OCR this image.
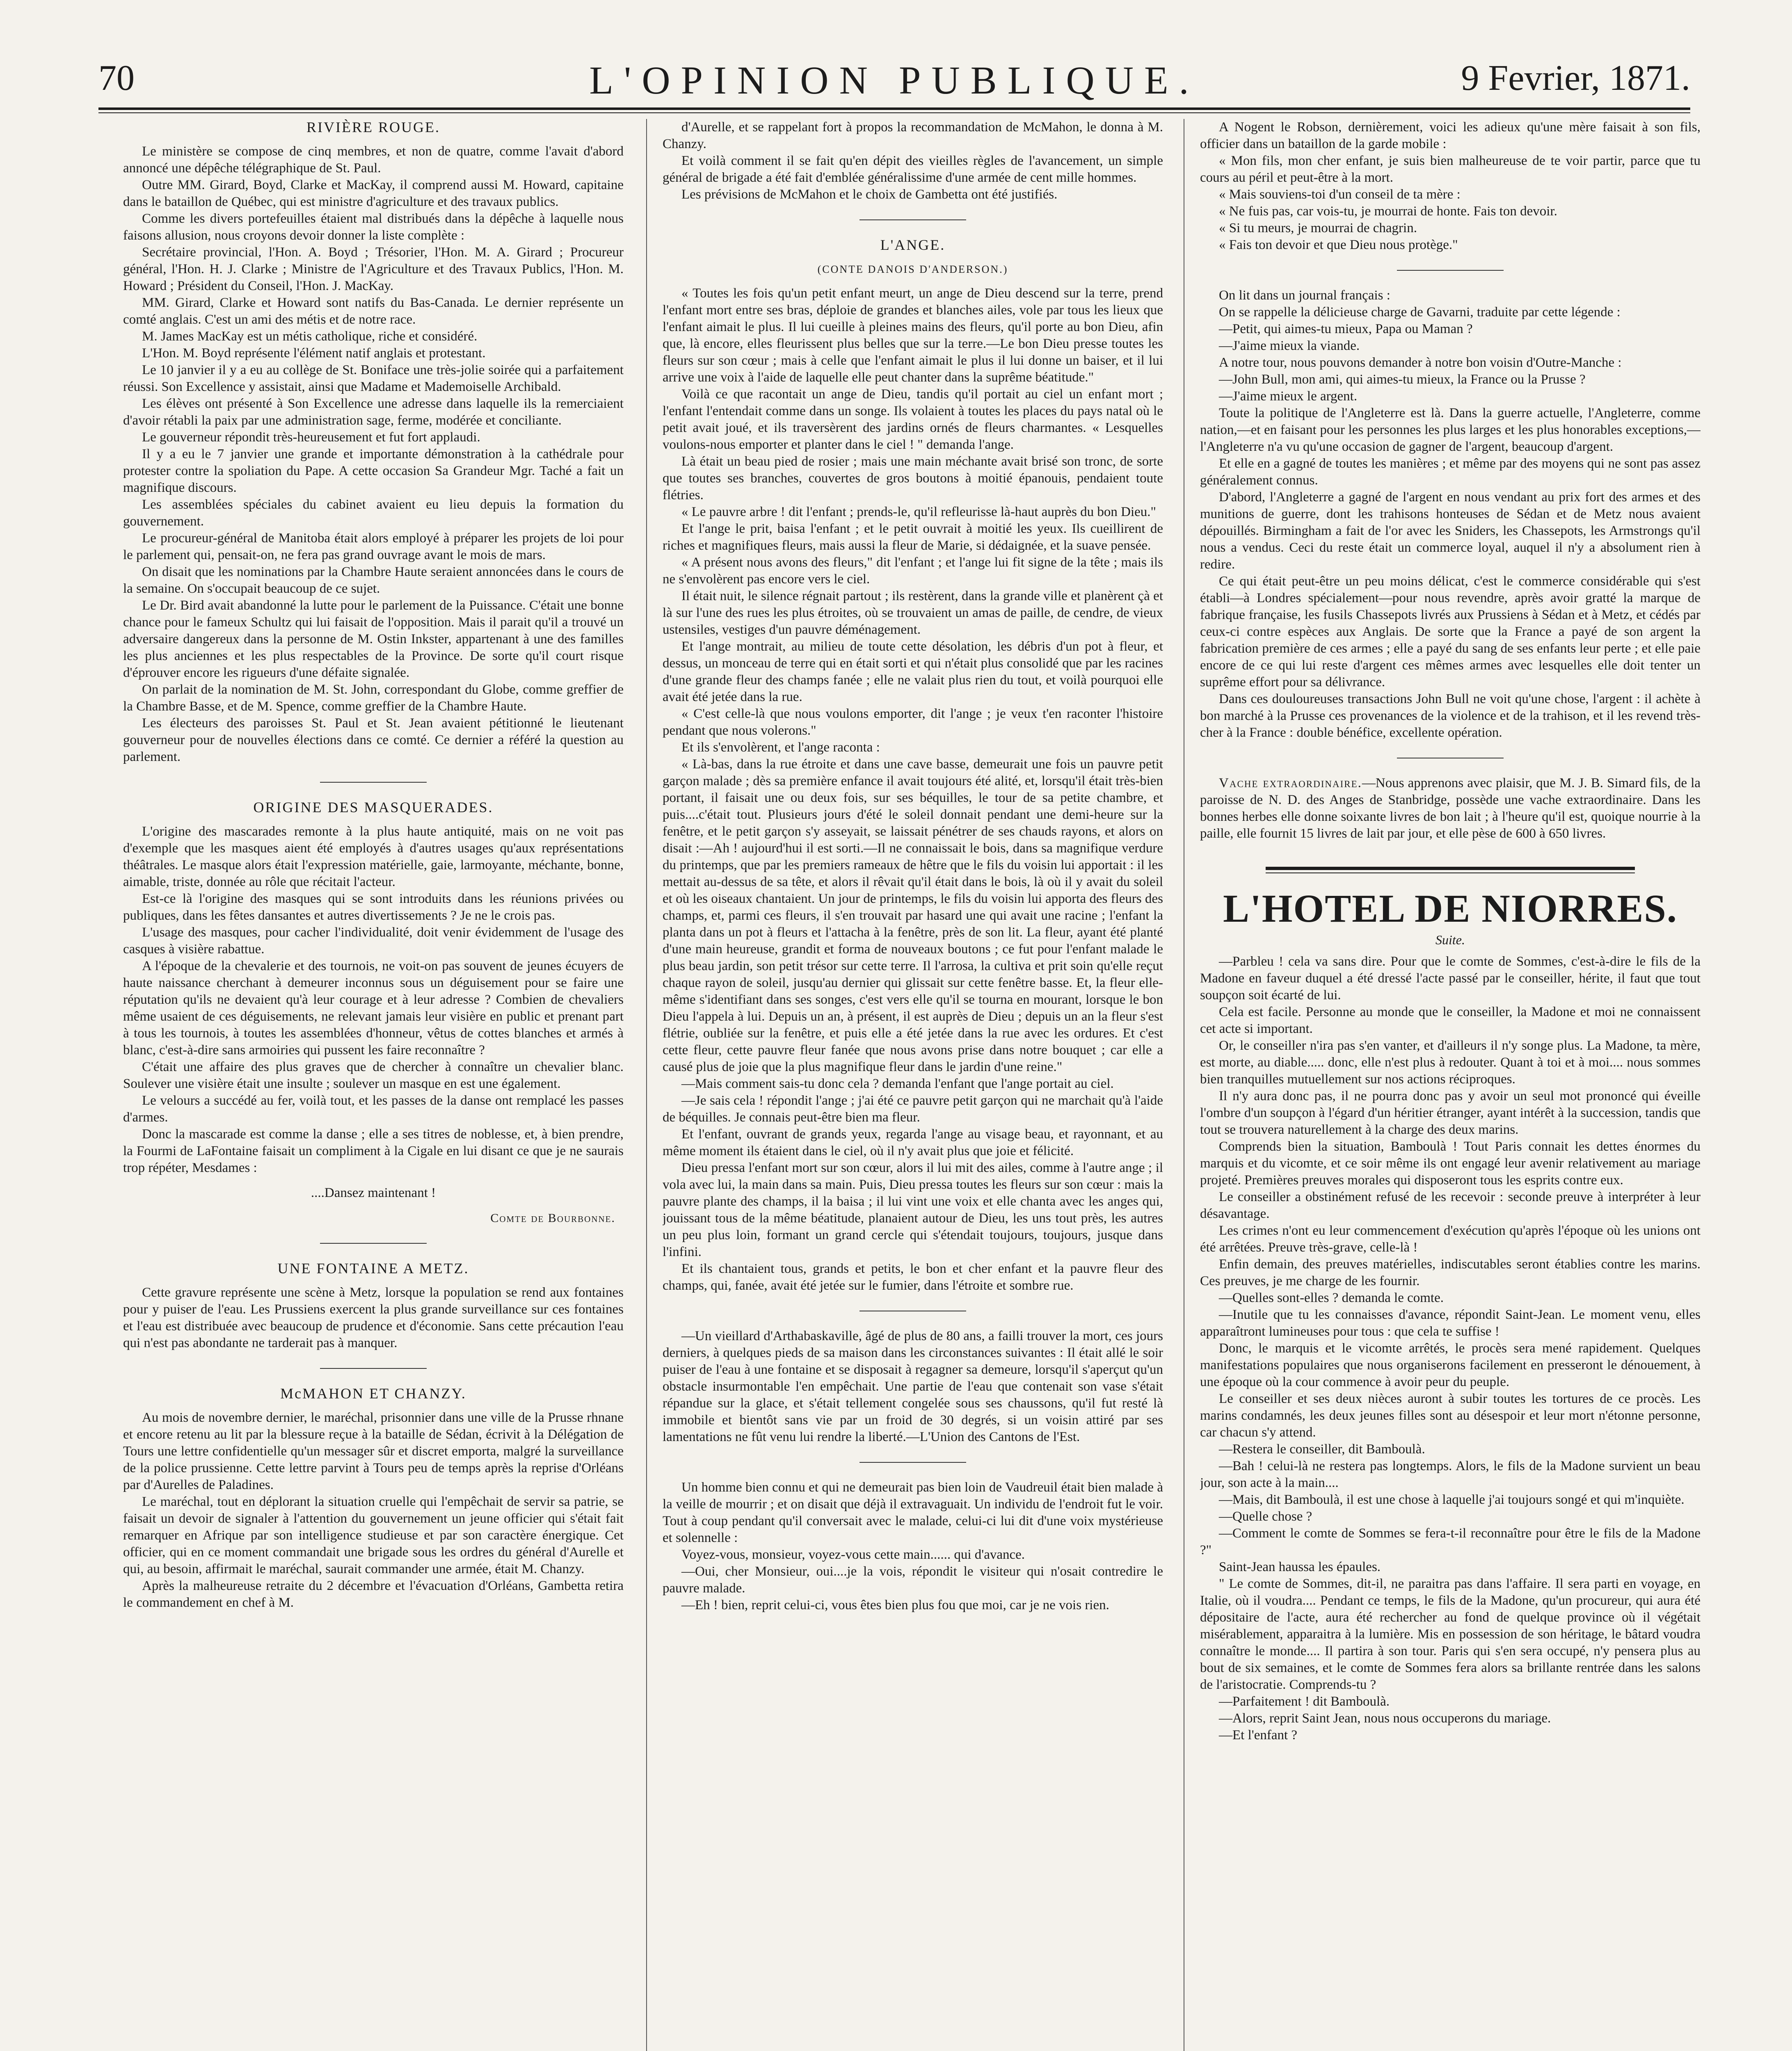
70	L'OPINION PUBLIQUE.	9 Fevrier, 1871.
RIVIÈRE ROUGE.

Le ministère se compose de cinq membres, et non de quatre, comme l'avait d'abord annoncé une dépêche télégraphique de St. Paul.

Outre MM. Girard, Boyd, Clarke et MacKay, il comprend aussi M. Howard, capitaine dans le bataillon de Québec, qui est ministre d'agriculture et des travaux publics.

Comme les divers portefeuilles étaient mal distribués dans la dépêche à laquelle nous faisons allusion, nous croyons devoir donner la liste complète :

Secrétaire provincial, l'Hon. A. Boyd ; Trésorier, l'Hon. M. A. Girard ; Procureur général, l'Hon. H. J. Clarke ; Ministre de l'Agriculture et des Travaux Publics, l'Hon. M. Howard ; Président du Conseil, l'Hon. J. MacKay.

MM. Girard, Clarke et Howard sont natifs du Bas-Canada. Le dernier représente un comté anglais. C'est un ami des métis et de notre race.

M. James MacKay est un métis catholique, riche et considéré.

L'Hon. M. Boyd représente l'élément natif anglais et protestant.

Le 10 janvier il y a eu au collège de St. Boniface une très-jolie soirée qui a parfaitement réussi. Son Excellence y assistait, ainsi que Madame et Mademoiselle Archibald.

Les élèves ont présenté à Son Excellence une adresse dans laquelle ils la remerciaient d'avoir rétabli la paix par une administration sage, ferme, modérée et conciliante.

Le gouverneur répondit très-heureusement et fut fort applaudi.

Il y a eu le 7 janvier une grande et importante démonstration à la cathédrale pour protester contre la spoliation du Pape. A cette occasion Sa Grandeur Mgr. Taché a fait un magnifique discours.

Les assemblées spéciales du cabinet avaient eu lieu depuis la formation du gouvernement.

Le procureur-général de Manitoba était alors employé à préparer les projets de loi pour le parlement qui, pensait-on, ne fera pas grand ouvrage avant le mois de mars.

On disait que les nominations par la Chambre Haute seraient annoncées dans le cours de la semaine. On s'occupait beaucoup de ce sujet.

Le Dr. Bird avait abandonné la lutte pour le parlement de la Puissance. C'était une bonne chance pour le fameux Schultz qui lui faisait de l'opposition. Mais il parait qu'il a trouvé un adversaire dangereux dans la personne de M. Ostin Inkster, appartenant à une des familles les plus anciennes et les plus respectables de la Province. De sorte qu'il court risque d'éprouver encore les rigueurs d'une défaite signalée.

On parlait de la nomination de M. St. John, correspondant du Globe, comme greffier de la Chambre Basse, et de M. Spence, comme greffier de la Chambre Haute.

Les électeurs des paroisses St. Paul et St. Jean avaient pétitionné le lieutenant gouverneur pour de nouvelles élections dans ce comté. Ce dernier a référé la question au parlement.

ORIGINE DES MASQUERADES.

L'origine des mascarades remonte à la plus haute antiquité, mais on ne voit pas d'exemple que les masques aient été employés à d'autres usages qu'aux représentations théâtrales. Le masque alors était l'expression matérielle, gaie, larmoyante, méchante, bonne, aimable, triste, donnée au rôle que récitait l'acteur.

Est-ce là l'origine des masques qui se sont introduits dans les réunions privées ou publiques, dans les fêtes dansantes et autres divertissements ? Je ne le crois pas.

L'usage des masques, pour cacher l'individualité, doit venir évidemment de l'usage des casques à visière rabattue.

A l'époque de la chevalerie et des tournois, ne voit-on pas souvent de jeunes écuyers de haute naissance cherchant à demeurer inconnus sous un déguisement pour se faire une réputation qu'ils ne devaient qu'à leur courage et à leur adresse ? Combien de chevaliers même usaient de ces déguisements, ne relevant jamais leur visière en public et prenant part à tous les tournois, à toutes les assemblées d'honneur, vêtus de cottes blanches et armés à blanc, c'est-à-dire sans armoiries qui pussent les faire reconnaître ?

C'était une affaire des plus graves que de chercher à connaître un chevalier blanc. Soulever une visière était une insulte ; soulever un masque en est une également.

Le velours a succédé au fer, voilà tout, et les passes de la danse ont remplacé les passes d'armes.

Donc la mascarade est comme la danse ; elle a ses titres de noblesse, et, à bien prendre, la Fourmi de LaFontaine faisait un compliment à la Cigale en lui disant ce que je ne saurais trop répéter, Mesdames :

....Dansez maintenant !
Comte de Bourbonne.
UNE FONTAINE A METZ.

Cette gravure représente une scène à Metz, lorsque la population se rend aux fontaines pour y puiser de l'eau. Les Prussiens exercent la plus grande surveillance sur ces fontaines et l'eau est distribuée avec beaucoup de prudence et d'économie. Sans cette précaution l'eau qui n'est pas abondante ne tarderait pas à manquer.

McMAHON ET CHANZY.

Au mois de novembre dernier, le maréchal, prisonnier dans une ville de la Prusse rhnane et encore retenu au lit par la blessure reçue à la bataille de Sédan, écrivit à la Délégation de Tours une lettre confidentielle qu'un messager sûr et discret emporta, malgré la surveillance de la police prussienne. Cette lettre parvint à Tours peu de temps après la reprise d'Orléans par d'Aurelles de Paladines.

Le maréchal, tout en déplorant la situation cruelle qui l'empêchait de servir sa patrie, se faisait un devoir de signaler à l'attention du gouvernement un jeune officier qui s'était fait remarquer en Afrique par son intelligence studieuse et par son caractère énergique. Cet officier, qui en ce moment commandait une brigade sous les ordres du général d'Aurelle et qui, au besoin, affirmait le maréchal, saurait commander une armée, était M. Chanzy.

Après la malheureuse retraite du 2 décembre et l'évacuation d'Orléans, Gambetta retira le commandement en chef à M.

d'Aurelle, et se rappelant fort à propos la recommandation de McMahon, le donna à M. Chanzy.

Et voilà comment il se fait qu'en dépit des vieilles règles de l'avancement, un simple général de brigade a été fait d'emblée généralissime d'une armée de cent mille hommes.

Les prévisions de McMahon et le choix de Gambetta ont été justifiés.

L'ANGE.
(CONTE DANOIS D'ANDERSON.)

« Toutes les fois qu'un petit enfant meurt, un ange de Dieu descend sur la terre, prend l'enfant mort entre ses bras, déploie de grandes et blanches ailes, vole par tous les lieux que l'enfant aimait le plus. Il lui cueille à pleines mains des fleurs, qu'il porte au bon Dieu, afin que, là encore, elles fleurissent plus belles que sur la terre.—Le bon Dieu presse toutes les fleurs sur son cœur ; mais à celle que l'enfant aimait le plus il lui donne un baiser, et il lui arrive une voix à l'aide de laquelle elle peut chanter dans la suprême béatitude."

Voilà ce que racontait un ange de Dieu, tandis qu'il portait au ciel un enfant mort ; l'enfant l'entendait comme dans un songe. Ils volaient à toutes les places du pays natal où le petit avait joué, et ils traversèrent des jardins ornés de fleurs charmantes. « Lesquelles voulons-nous emporter et planter dans le ciel ! " demanda l'ange.

Là était un beau pied de rosier ; mais une main méchante avait brisé son tronc, de sorte que toutes ses branches, couvertes de gros boutons à moitié épanouis, pendaient toute flétries.

« Le pauvre arbre ! dit l'enfant ; prends-le, qu'il refleurisse là-haut auprès du bon Dieu."

Et l'ange le prit, baisa l'enfant ; et le petit ouvrait à moitié les yeux. Ils cueillirent de riches et magnifiques fleurs, mais aussi la fleur de Marie, si dédaignée, et la suave pensée.

« A présent nous avons des fleurs," dit l'enfant ; et l'ange lui fit signe de la tête ; mais ils ne s'envolèrent pas encore vers le ciel.

Il était nuit, le silence régnait partout ; ils restèrent, dans la grande ville et planèrent çà et là sur l'une des rues les plus étroites, où se trouvaient un amas de paille, de cendre, de vieux ustensiles, vestiges d'un pauvre déménagement.

Et l'ange montrait, au milieu de toute cette désolation, les débris d'un pot à fleur, et dessus, un monceau de terre qui en était sorti et qui n'était plus consolidé que par les racines d'une grande fleur des champs fanée ; elle ne valait plus rien du tout, et voilà pourquoi elle avait été jetée dans la rue.

« C'est celle-là que nous voulons emporter, dit l'ange ; je veux t'en raconter l'histoire pendant que nous volerons."

Et ils s'envolèrent, et l'ange raconta :

« Là-bas, dans la rue étroite et dans une cave basse, demeurait une fois un pauvre petit garçon malade ; dès sa première enfance il avait toujours été alité, et, lorsqu'il était très-bien portant, il faisait une ou deux fois, sur ses béquilles, le tour de sa petite chambre, et puis....c'était tout. Plusieurs jours d'été le soleil donnait pendant une demi-heure sur la fenêtre, et le petit garçon s'y asseyait, se laissait pénétrer de ses chauds rayons, et alors on disait :—Ah ! aujourd'hui il est sorti.—Il ne connaissait le bois, dans sa magnifique verdure du printemps, que par les premiers rameaux de hêtre que le fils du voisin lui apportait : il les mettait au-dessus de sa tête, et alors il rêvait qu'il était dans le bois, là où il y avait du soleil et où les oiseaux chantaient. Un jour de printemps, le fils du voisin lui apporta des fleurs des champs, et, parmi ces fleurs, il s'en trouvait par hasard une qui avait une racine ; l'enfant la planta dans un pot à fleurs et l'attacha à la fenêtre, près de son lit. La fleur, ayant été planté d'une main heureuse, grandit et forma de nouveaux boutons ; ce fut pour l'enfant malade le plus beau jardin, son petit trésor sur cette terre. Il l'arrosa, la cultiva et prit soin qu'elle reçut chaque rayon de soleil, jusqu'au dernier qui glissait sur cette fenêtre basse. Et, la fleur elle-même s'identifiant dans ses songes, c'est vers elle qu'il se tourna en mourant, lorsque le bon Dieu l'appela à lui. Depuis un an, à présent, il est auprès de Dieu ; depuis un an la fleur s'est flétrie, oubliée sur la fenêtre, et puis elle a été jetée dans la rue avec les ordures. Et c'est cette fleur, cette pauvre fleur fanée que nous avons prise dans notre bouquet ; car elle a causé plus de joie que la plus magnifique fleur dans le jardin d'une reine."

—Mais comment sais-tu donc cela ? demanda l'enfant que l'ange portait au ciel.

—Je sais cela ! répondit l'ange ; j'ai été ce pauvre petit garçon qui ne marchait qu'à l'aide de béquilles. Je connais peut-être bien ma fleur.

Et l'enfant, ouvrant de grands yeux, regarda l'ange au visage beau, et rayonnant, et au même moment ils étaient dans le ciel, où il n'y avait plus que joie et félicité.

Dieu pressa l'enfant mort sur son cœur, alors il lui mit des ailes, comme à l'autre ange ; il vola avec lui, la main dans sa main. Puis, Dieu pressa toutes les fleurs sur son cœur : mais la pauvre plante des champs, il la baisa ; il lui vint une voix et elle chanta avec les anges qui, jouissant tous de la même béatitude, planaient autour de Dieu, les uns tout près, les autres un peu plus loin, formant un grand cercle qui s'étendait toujours, toujours, jusque dans l'infini.

Et ils chantaient tous, grands et petits, le bon et cher enfant et la pauvre fleur des champs, qui, fanée, avait été jetée sur le fumier, dans l'étroite et sombre rue.

—Un vieillard d'Arthabaskaville, âgé de plus de 80 ans, a failli trouver la mort, ces jours derniers, à quelques pieds de sa maison dans les circonstances suivantes : Il était allé le soir puiser de l'eau à une fontaine et se disposait à regagner sa demeure, lorsqu'il s'aperçut qu'un obstacle insurmontable l'en empêchait. Une partie de l'eau que contenait son vase s'était répandue sur la glace, et s'était tellement congelée sous ses chaussons, qu'il fut resté là immobile et bientôt sans vie par un froid de 30 degrés, si un voisin attiré par ses lamentations ne fût venu lui rendre la liberté.—L'Union des Cantons de l'Est.

Un homme bien connu et qui ne demeurait pas bien loin de Vaudreuil était bien malade à la veille de mourrir ; et on disait que déjà il extravaguait. Un individu de l'endroit fut le voir. Tout à coup pendant qu'il conversait avec le malade, celui-ci lui dit d'une voix mystérieuse et solennelle :

Voyez-vous, monsieur, voyez-vous cette main...... qui d'avance.

—Oui, cher Monsieur, oui....je la vois, répondit le visiteur qui n'osait contredire le pauvre malade.

—Eh ! bien, reprit celui-ci, vous êtes bien plus fou que moi, car je ne vois rien.

A Nogent le Robson, dernièrement, voici les adieux qu'une mère faisait à son fils, officier dans un bataillon de la garde mobile :

« Mon fils, mon cher enfant, je suis bien malheureuse de te voir partir, parce que tu cours au péril et peut-être à la mort.

« Mais souviens-toi d'un conseil de ta mère :

« Ne fuis pas, car vois-tu, je mourrai de honte. Fais ton devoir.

« Si tu meurs, je mourrai de chagrin.

« Fais ton devoir et que Dieu nous protège."

On lit dans un journal français :

On se rappelle la délicieuse charge de Gavarni, traduite par cette légende :

—Petit, qui aimes-tu mieux, Papa ou Maman ?

—J'aime mieux la viande.

A notre tour, nous pouvons demander à notre bon voisin d'Outre-Manche :

—John Bull, mon ami, qui aimes-tu mieux, la France ou la Prusse ?

—J'aime mieux le argent.

Toute la politique de l'Angleterre est là. Dans la guerre actuelle, l'Angleterre, comme nation,—et en faisant pour les personnes les plus larges et les plus honorables exceptions,—l'Angleterre n'a vu qu'une occasion de gagner de l'argent, beaucoup d'argent.

Et elle en a gagné de toutes les manières ; et même par des moyens qui ne sont pas assez généralement connus.

D'abord, l'Angleterre a gagné de l'argent en nous vendant au prix fort des armes et des munitions de guerre, dont les trahisons honteuses de Sédan et de Metz nous avaient dépouillés. Birmingham a fait de l'or avec les Sniders, les Chassepots, les Armstrongs qu'il nous a vendus. Ceci du reste était un commerce loyal, auquel il n'y a absolument rien à redire.

Ce qui était peut-être un peu moins délicat, c'est le commerce considérable qui s'est établi—à Londres spécialement—pour nous revendre, après avoir gratté la marque de fabrique française, les fusils Chassepots livrés aux Prussiens à Sédan et à Metz, et cédés par ceux-ci contre espèces aux Anglais. De sorte que la France a payé de son argent la fabrication première de ces armes ; elle a payé du sang de ses enfants leur perte ; et elle paie encore de ce qui lui reste d'argent ces mêmes armes avec lesquelles elle doit tenter un suprême effort pour sa délivrance.

Dans ces douloureuses transactions John Bull ne voit qu'une chose, l'argent : il achète à bon marché à la Prusse ces provenances de la violence et de la trahison, et il les revend très-cher à la France : double bénéfice, excellente opération.

Vache extraordinaire.—Nous apprenons avec plaisir, que M. J. B. Simard fils, de la paroisse de N. D. des Anges de Stanbridge, possède une vache extraordinaire. Dans les bonnes herbes elle donne soixante livres de bon lait ; à l'heure qu'il est, quoique nourrie à la paille, elle fournit 15 livres de lait par jour, et elle pèse de 600 à 650 livres.

L'HOTEL DE NIORRES.
Suite.

—Parbleu ! cela va sans dire. Pour que le comte de Sommes, c'est-à-dire le fils de la Madone en faveur duquel a été dressé l'acte passé par le conseiller, hérite, il faut que tout soupçon soit écarté de lui.

Cela est facile. Personne au monde que le conseiller, la Madone et moi ne connaissent cet acte si important.

Or, le conseiller n'ira pas s'en vanter, et d'ailleurs il n'y songe plus. La Madone, ta mère, est morte, au diable..... donc, elle n'est plus à redouter. Quant à toi et à moi.... nous sommes bien tranquilles mutuellement sur nos actions réciproques.

Il n'y aura donc pas, il ne pourra donc pas y avoir un seul mot prononcé qui éveille l'ombre d'un soupçon à l'égard d'un héritier étranger, ayant intérêt à la succession, tandis que tout se trouvera naturellement à la charge des deux marins.

Comprends bien la situation, Bamboulà ! Tout Paris connait les dettes énormes du marquis et du vicomte, et ce soir même ils ont engagé leur avenir relativement au mariage projeté. Premières preuves morales qui disposeront tous les esprits contre eux.

Le conseiller a obstinément refusé de les recevoir : seconde preuve à interpréter à leur désavantage.

Les crimes n'ont eu leur commencement d'exécution qu'après l'époque où les unions ont été arrêtées. Preuve très-grave, celle-là !

Enfin demain, des preuves matérielles, indiscutables seront établies contre les marins. Ces preuves, je me charge de les fournir.

—Quelles sont-elles ? demanda le comte.

—Inutile que tu les connaisses d'avance, répondit Saint-Jean. Le moment venu, elles apparaîtront lumineuses pour tous : que cela te suffise !

Donc, le marquis et le vicomte arrêtés, le procès sera mené rapidement. Quelques manifestations populaires que nous organiserons facilement en presseront le dénouement, à une époque où la cour commence à avoir peur du peuple.

Le conseiller et ses deux nièces auront à subir toutes les tortures de ce procès. Les marins condamnés, les deux jeunes filles sont au désespoir et leur mort n'étonne personne, car chacun s'y attend.

—Restera le conseiller, dit Bamboulà.

—Bah ! celui-là ne restera pas longtemps. Alors, le fils de la Madone survient un beau jour, son acte à la main....

—Mais, dit Bamboulà, il est une chose à laquelle j'ai toujours songé et qui m'inquiète.

—Quelle chose ?

—Comment le comte de Sommes se fera-t-il reconnaître pour être le fils de la Madone ?"

Saint-Jean haussa les épaules.

" Le comte de Sommes, dit-il, ne paraitra pas dans l'affaire. Il sera parti en voyage, en Italie, où il voudra.... Pendant ce temps, le fils de la Madone, qu'un procureur, qui aura été dépositaire de l'acte, aura été rechercher au fond de quelque province où il végétait misérablement, apparaitra à la lumière. Mis en possession de son héritage, le bâtard voudra connaître le monde.... Il partira à son tour. Paris qui s'en sera occupé, n'y pensera plus au bout de six semaines, et le comte de Sommes fera alors sa brillante rentrée dans les salons de l'aristocratie. Comprends-tu ?

—Parfaitement ! dit Bamboulà.

—Alors, reprit Saint Jean, nous nous occuperons du mariage.

—Et l'enfant ?
